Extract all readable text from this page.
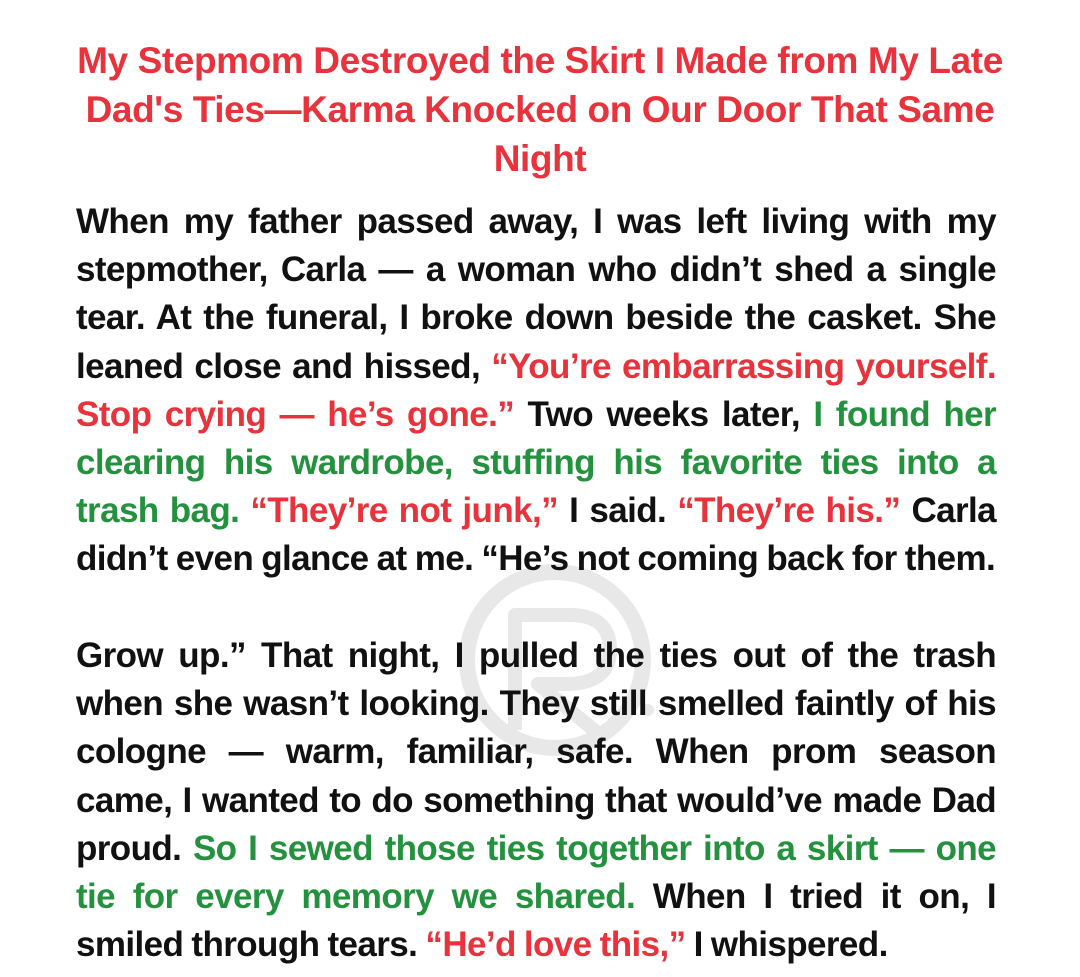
My Stepmom Destroyed the Skirt I Made from My Late Dad's Ties—Karma Knocked on Our Door That Same Night
When my father passed away, I was left living with my stepmother, Carla — a woman who didn’t shed a single tear. At the funeral, I broke down beside the casket. She leaned close and hissed, “You’re embarrassing yourself. Stop crying — he’s gone.” Two weeks later, I found her clearing his wardrobe, stuffing his favorite ties into a trash bag. “They’re not junk,” I said. “They’re his.” Carla didn’t even glance at me. “He’s not coming back for them.
Grow up.” That night, I pulled the ties out of the trash when she wasn’t looking. They still smelled faintly of his cologne — warm, familiar, safe. When prom season came, I wanted to do something that would’ve made Dad proud. So I sewed those ties together into a skirt — one tie for every memory we shared. When I tried it on, I smiled through tears. “He’d love this,” I whispered.
